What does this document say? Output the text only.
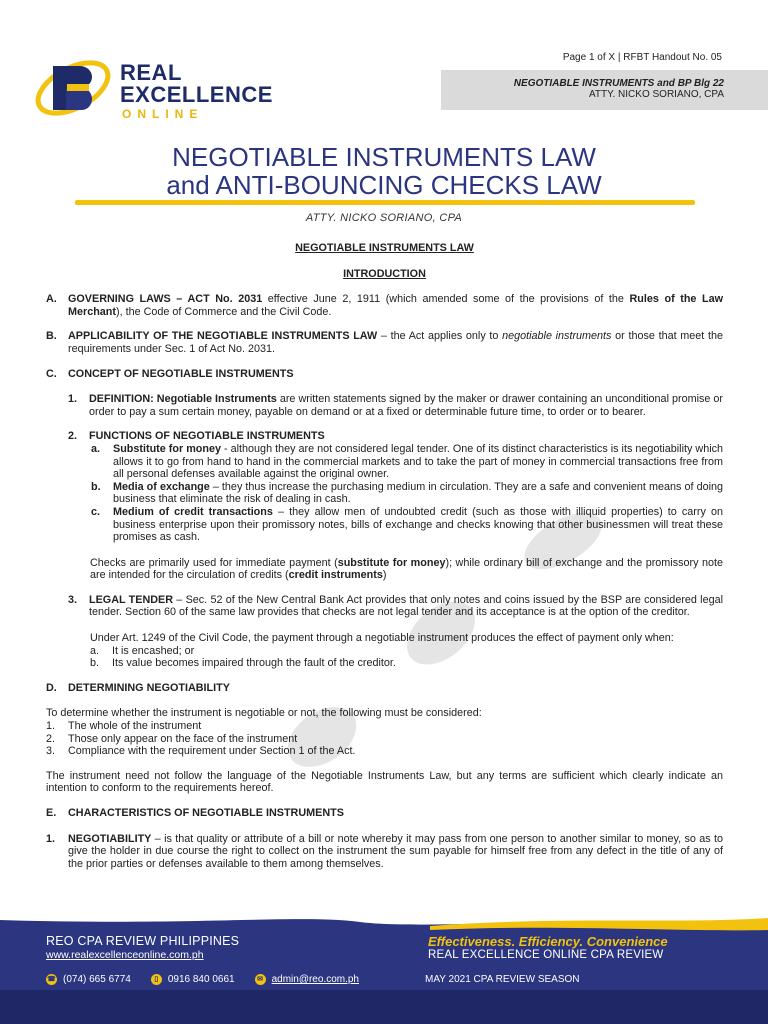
Page 1 of X | RFBT Handout No. 05
NEGOTIABLE INSTRUMENTS and BP Blg 22
ATTY. NICKO SORIANO, CPA
REAL
EXCELLENCE
ONLINE
NEGOTIABLE INSTRUMENTS LAW
and ANTI-BOUNCING CHECKS LAW
ATTY. NICKO SORIANO, CPA
NEGOTIABLE INSTRUMENTS LAW
INTRODUCTION
A. GOVERNING LAWS – ACT No. 2031 effective June 2, 1911 (which amended some of the provisions of the Rules of the Law Merchant), the Code of Commerce and the Civil Code.
B. APPLICABILITY OF THE NEGOTIABLE INSTRUMENTS LAW – the Act applies only to negotiable instruments or those that meet the requirements under Sec. 1 of Act No. 2031.
C. CONCEPT OF NEGOTIABLE INSTRUMENTS
1. DEFINITION: Negotiable Instruments are written statements signed by the maker or drawer containing an unconditional promise or order to pay a sum certain money, payable on demand or at a fixed or determinable future time, to order or to bearer.
2. FUNCTIONS OF NEGOTIABLE INSTRUMENTS
a. Substitute for money - although they are not considered legal tender. One of its distinct characteristics is its negotiability which allows it to go from hand to hand in the commercial markets and to take the part of money in commercial transactions free from all personal defenses available against the original owner.
b. Media of exchange – they thus increase the purchasing medium in circulation. They are a safe and convenient means of doing business that eliminate the risk of dealing in cash.
c. Medium of credit transactions – they allow men of undoubted credit (such as those with illiquid properties) to carry on business enterprise upon their promissory notes, bills of exchange and checks knowing that other businessmen will treat these promises as cash.
Checks are primarily used for immediate payment (substitute for money); while ordinary bill of exchange and the promissory note are intended for the circulation of credits (credit instruments)
3. LEGAL TENDER – Sec. 52 of the New Central Bank Act provides that only notes and coins issued by the BSP are considered legal tender. Section 60 of the same law provides that checks are not legal tender and its acceptance is at the option of the creditor.
Under Art. 1249 of the Civil Code, the payment through a negotiable instrument produces the effect of payment only when:
a. It is encashed; or
b. Its value becomes impaired through the fault of the creditor.
D. DETERMINING NEGOTIABILITY
To determine whether the instrument is negotiable or not, the following must be considered:
1. The whole of the instrument
2. Those only appear on the face of the instrument
3. Compliance with the requirement under Section 1 of the Act.
The instrument need not follow the language of the Negotiable Instruments Law, but any terms are sufficient which clearly indicate an intention to conform to the requirements hereof.
E. CHARACTERISTICS OF NEGOTIABLE INSTRUMENTS
1. NEGOTIABILITY – is that quality or attribute of a bill or note whereby it may pass from one person to another similar to money, so as to give the holder in due course the right to collect on the instrument the sum payable for himself free from any defect in the title of any of the prior parties or defenses available to them among themselves.
REO CPA REVIEW PHILIPPINES
www.realexcellenceonline.com.ph
Effectiveness. Efficiency. Convenience
REAL EXCELLENCE ONLINE CPA REVIEW
☎ (074) 665 6774	▯ 0916 840 0661	✉ admin@reo.com.ph	MAY 2021 CPA REVIEW SEASON
